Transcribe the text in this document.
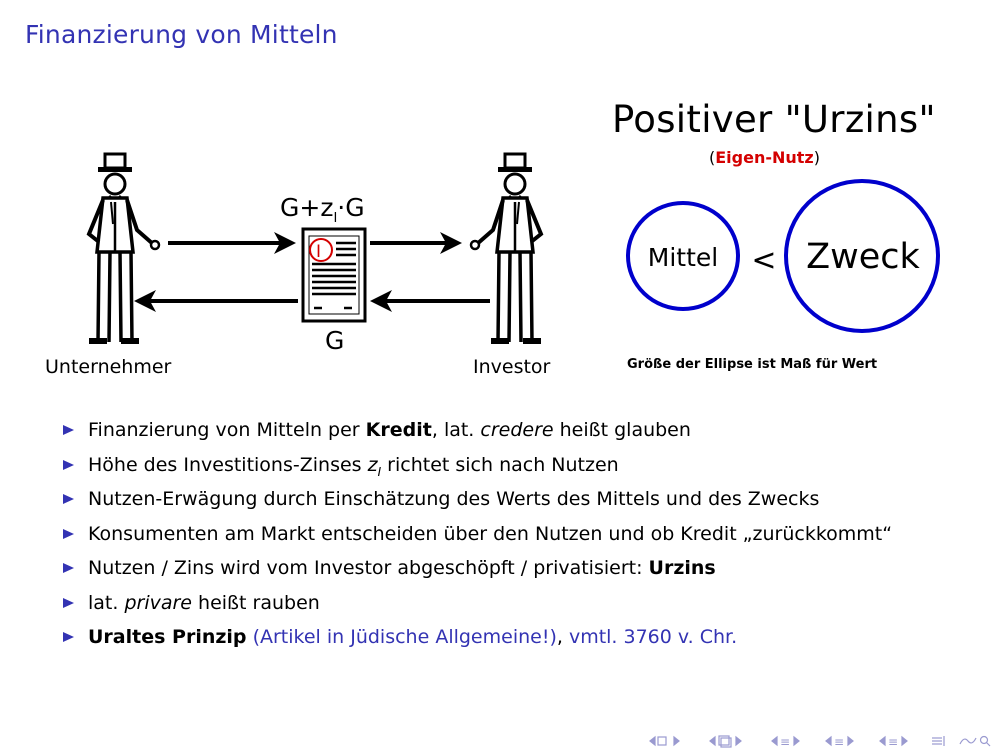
Finanzierung von Mitteln
I
$G+z_I\cdot G$
G
Mittel < Zweck
Unternehmer	Investor
Positiver "Urzins"
(Eigen-Nutz)
Größe der Ellipse ist Maß für Wert
Finanzierung von Mitteln per Kredit, lat. credere heißt glauben
Höhe des Investitions-Zinses $z_I$ richtet sich nach Nutzen
Nutzen-Erwägung durch Einschätzung des Werts des Mittels und des Zwecks
Konsumenten am Markt entscheiden über den Nutzen und ob Kredit „zurückkommt“
Nutzen / Zins wird vom Investor abgeschöpft / privatisiert: Urzins
lat. privare heißt rauben
Uraltes Prinzip (Artikel in Jüdische Allgemeine!), vmtl. 3760 v. Chr.
≡	≡	≡
